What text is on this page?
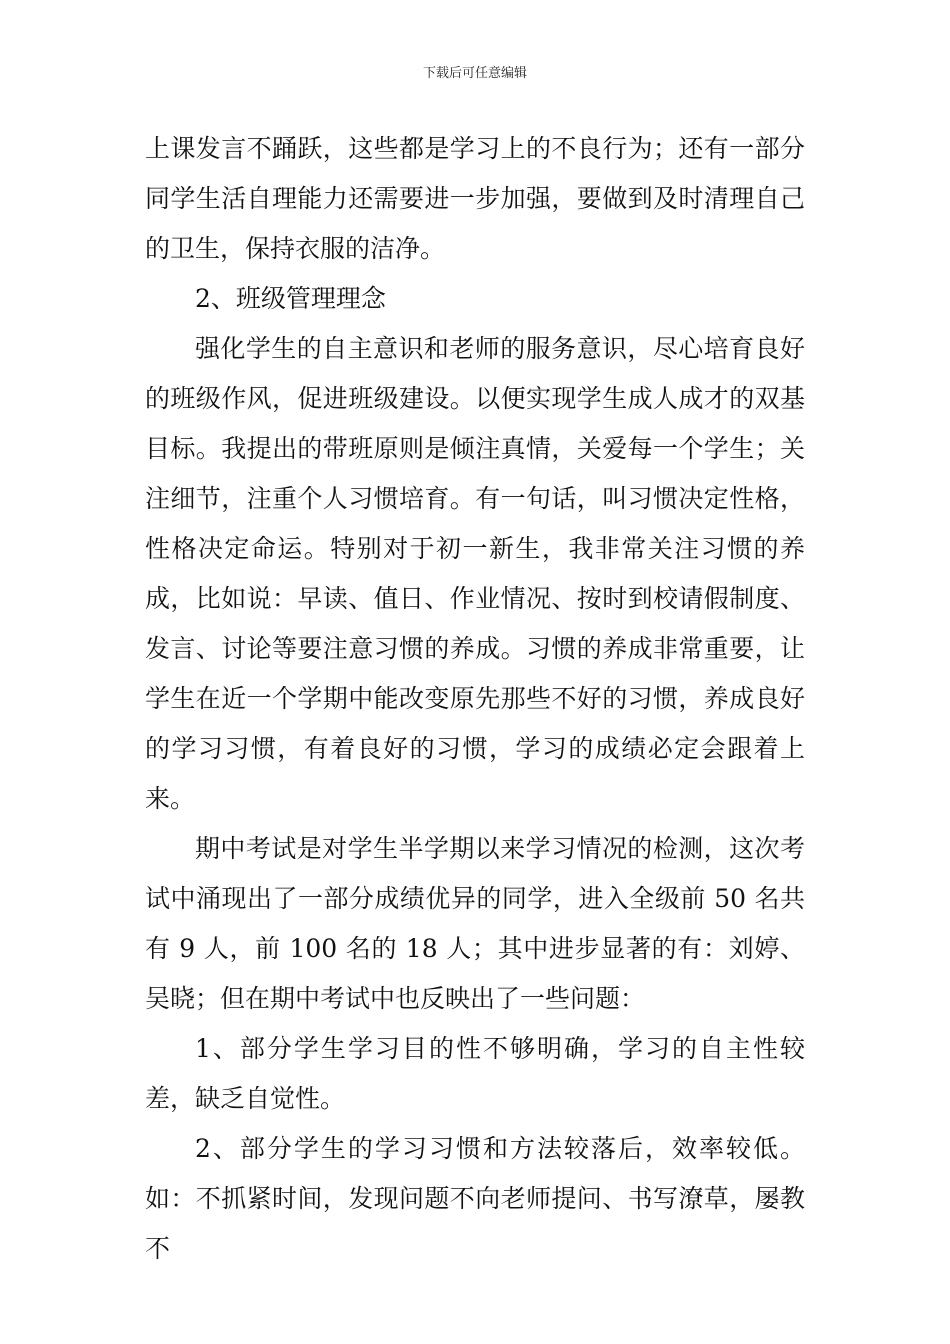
下载后可任意编辑

上课发言不踊跃，这些都是学习上的不良行为；还有一部分同学生活自理能力还需要进一步加强，要做到及时清理自己的卫生，保持衣服的洁净。

2、班级管理理念

强化学生的自主意识和老师的服务意识，尽心培育良好的班级作风，促进班级建设。以便实现学生成人成才的双基目标。我提出的带班原则是倾注真情，关爱每一个学生；关注细节，注重个人习惯培育。有一句话，叫习惯决定性格，性格决定命运。特别对于初一新生，我非常关注习惯的养成，比如说：早读、值日、作业情况、按时到校请假制度、发言、讨论等要注意习惯的养成。习惯的养成非常重要，让学生在近一个学期中能改变原先那些不好的习惯，养成良好的学习习惯，有着良好的习惯，学习的成绩必定会跟着上来。

期中考试是对学生半学期以来学习情况的检测，这次考试中涌现出了一部分成绩优异的同学，进入全级前 50 名共有 9 人，前 100 名的 18 人；其中进步显著的有：刘婷、吴晓；但在期中考试中也反映出了一些问题：

1、部分学生学习目的性不够明确，学习的自主性较差，缺乏自觉性。

2、部分学生的学习习惯和方法较落后，效率较低。如：不抓紧时间，发现问题不向老师提问、书写潦草，屡教不
